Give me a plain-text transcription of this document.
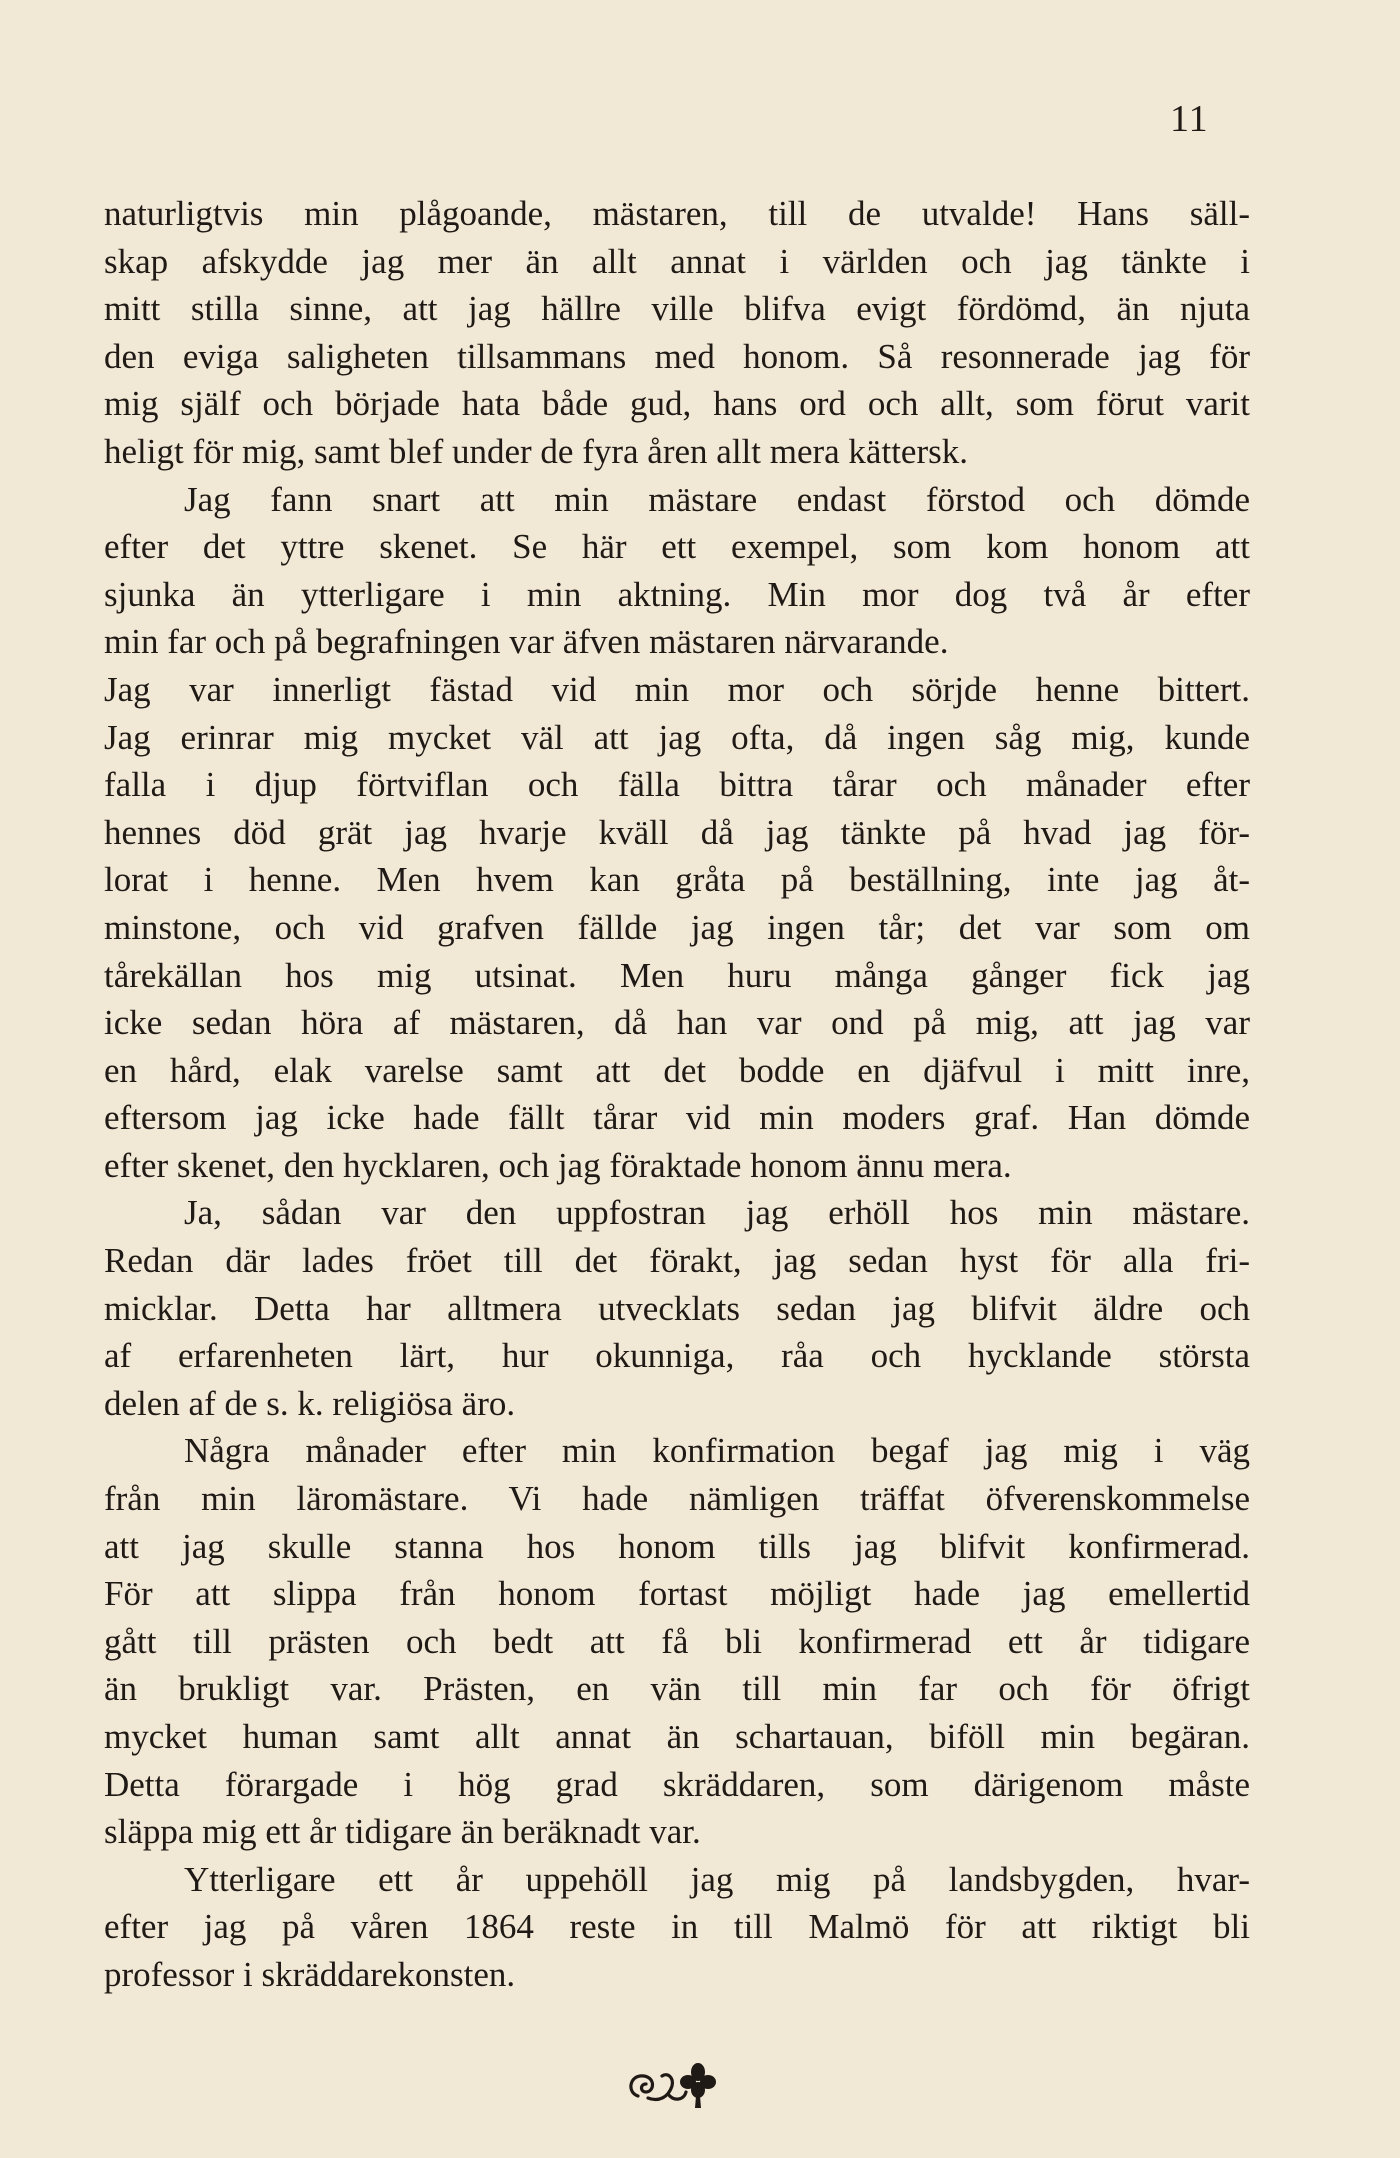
11
naturligtvis min plågoande, mästaren, till de utvalde! Hans säll-
skap afskydde jag mer än allt annat i världen och jag tänkte i
mitt stilla sinne, att jag hällre ville blifva evigt fördömd, än njuta
den eviga saligheten tillsammans med honom. Så resonnerade jag för
mig själf och började hata både gud, hans ord och allt, som förut varit
heligt för mig, samt blef under de fyra åren allt mera kättersk.
Jag fann snart att min mästare endast förstod och dömde
efter det yttre skenet. Se här ett exempel, som kom honom att
sjunka än ytterligare i min aktning. Min mor dog två år efter
min far och på begrafningen var äfven mästaren närvarande.
Jag var innerligt fästad vid min mor och sörjde henne bittert.
Jag erinrar mig mycket väl att jag ofta, då ingen såg mig, kunde
falla i djup förtviflan och fälla bittra tårar och månader efter
hennes död grät jag hvarje kväll då jag tänkte på hvad jag för-
lorat i henne. Men hvem kan gråta på beställning, inte jag åt-
minstone, och vid grafven fällde jag ingen tår; det var som om
tårekällan hos mig utsinat. Men huru många gånger fick jag
icke sedan höra af mästaren, då han var ond på mig, att jag var
en hård, elak varelse samt att det bodde en djäfvul i mitt inre,
eftersom jag icke hade fällt tårar vid min moders graf. Han dömde
efter skenet, den hycklaren, och jag föraktade honom ännu mera.
Ja, sådan var den uppfostran jag erhöll hos min mästare.
Redan där lades fröet till det förakt, jag sedan hyst för alla fri-
micklar. Detta har alltmera utvecklats sedan jag blifvit äldre och
af erfarenheten lärt, hur okunniga, råa och hycklande största
delen af de s. k. religiösa äro.
Några månader efter min konfirmation begaf jag mig i väg
från min läromästare. Vi hade nämligen träffat öfverenskommelse
att jag skulle stanna hos honom tills jag blifvit konfirmerad.
För att slippa från honom fortast möjligt hade jag emellertid
gått till prästen och bedt att få bli konfirmerad ett år tidigare
än brukligt var. Prästen, en vän till min far och för öfrigt
mycket human samt allt annat än schartauan, biföll min begäran.
Detta förargade i hög grad skräddaren, som därigenom måste
släppa mig ett år tidigare än beräknadt var.
Ytterligare ett år uppehöll jag mig på landsbygden, hvar-
efter jag på våren 1864 reste in till Malmö för att riktigt bli
professor i skräddarekonsten.
